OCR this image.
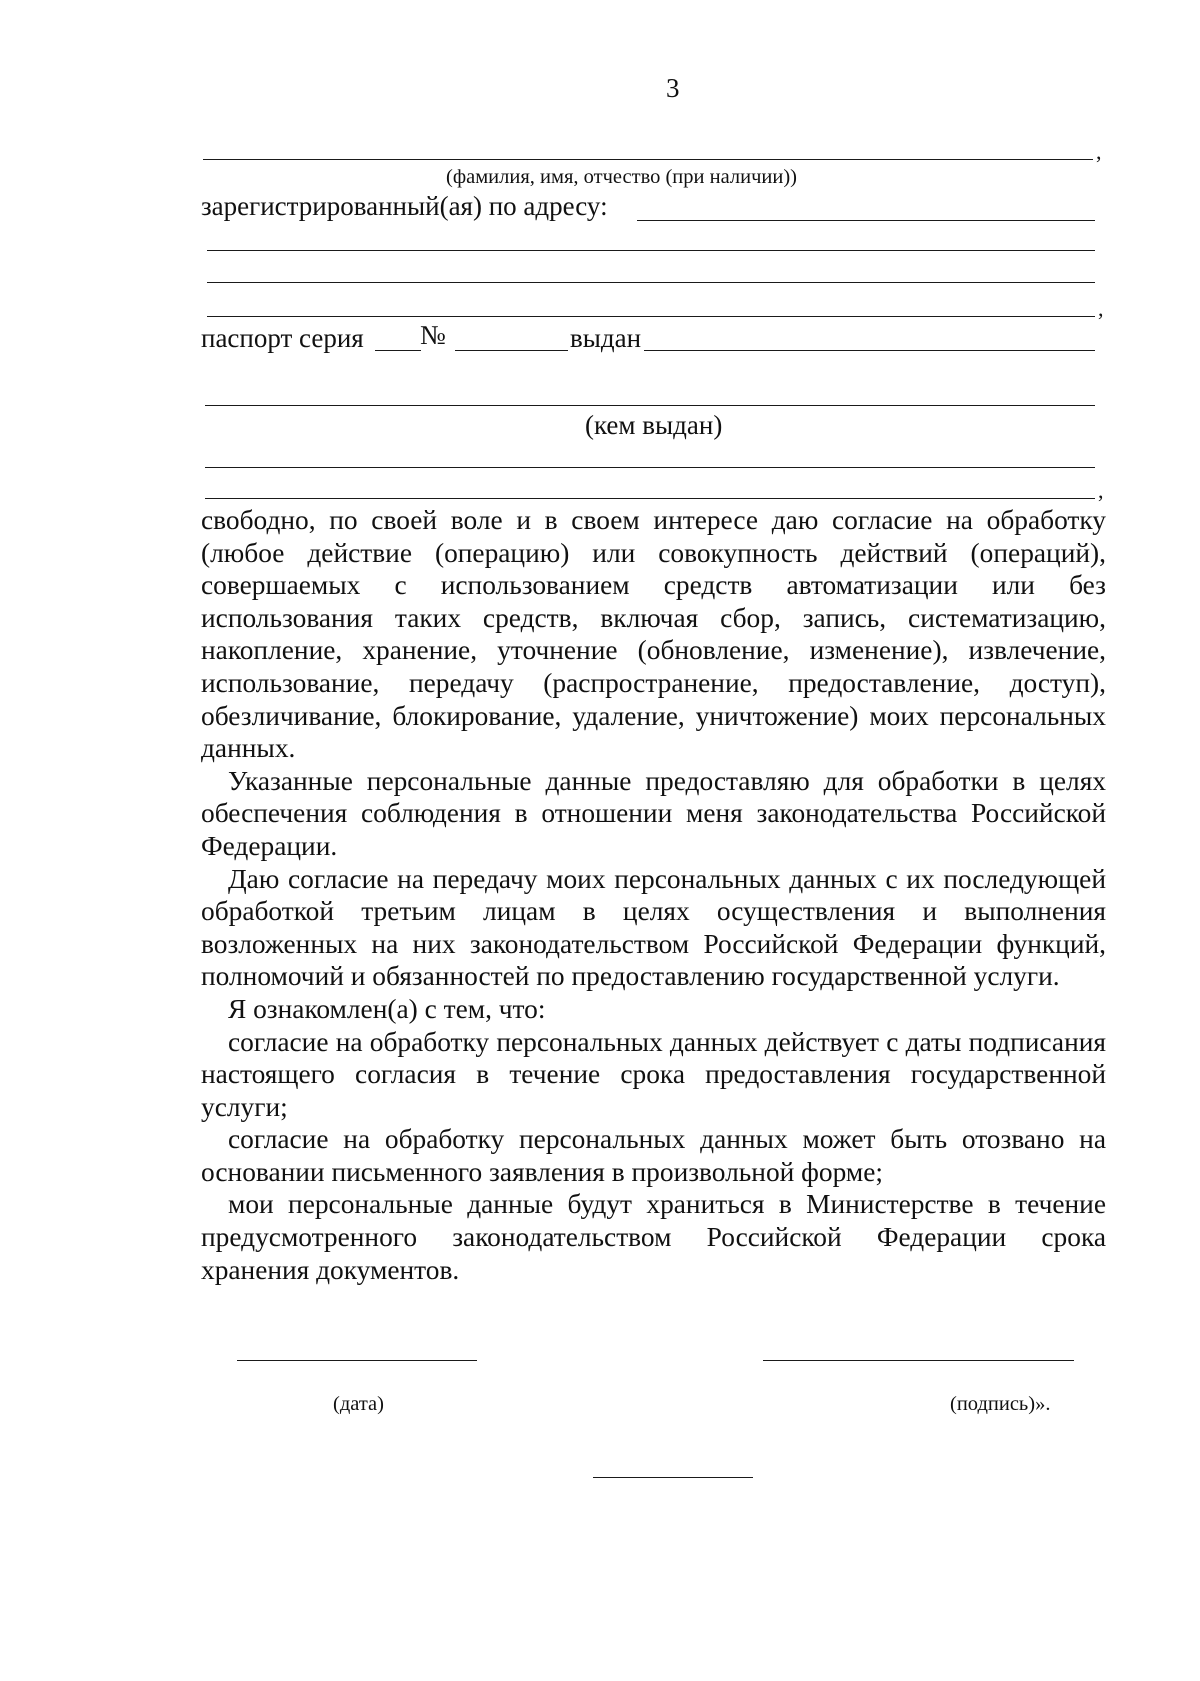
3
,
(фамилия, имя, отчество (при наличии))
зарегистрированный(ая) по адресу:
,
паспорт серия №	выдан
(кем выдан)
,

свободно, по своей воле и в своем интересе даю согласие на обработку (любое действие (операцию) или совокупность действий (операций), совершаемых с использованием средств автоматизации или без использования таких средств, включая сбор, запись, систематизацию, накопление, хранение, уточнение (обновление, изменение), извлечение, использование, передачу (распространение, предоставление, доступ), обезличивание, блокирование, удаление, уничтожение) моих персональных данных.

Указанные персональные данные предоставляю для обработки в целях обеспечения соблюдения в отношении меня законодательства Российской Федерации.

Даю согласие на передачу моих персональных данных с их последующей обработкой третьим лицам в целях осуществления и выполнения возложенных на них законодательством Российской Федерации функций, полномочий и обязанностей по предоставлению государственной услуги.

Я ознакомлен(а) с тем, что:

согласие на обработку персональных данных действует с даты подписания настоящего согласия в течение срока предоставления государственной услуги;

согласие на обработку персональных данных может быть отозвано на основании письменного заявления в произвольной форме;

мои персональные данные будут храниться в Министерстве в течение предусмотренного законодательством Российской Федерации срока хранения документов.

(дата)	(подпись)».
